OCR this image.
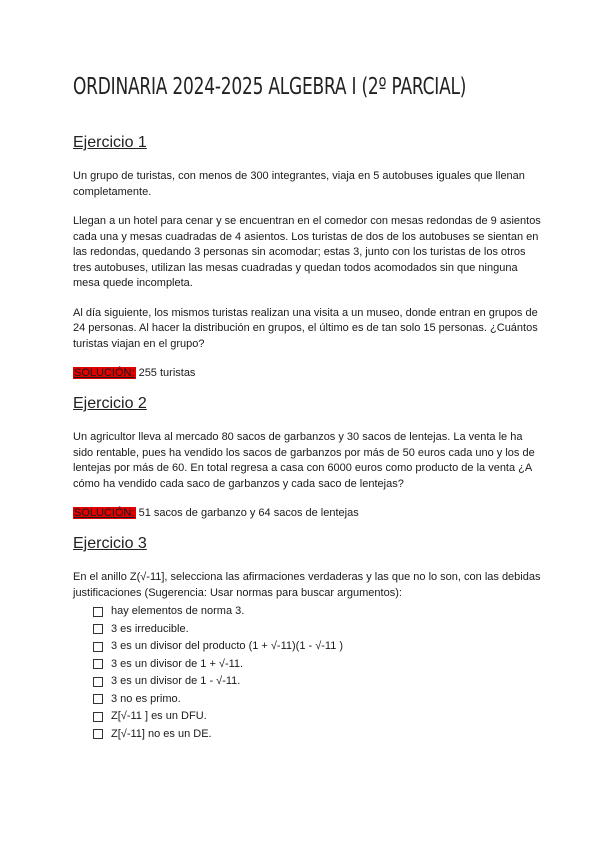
ORDINARIA 2024-2025 ALGEBRA I (2º PARCIAL)
Ejercicio 1

Un grupo de turistas, con menos de 300 integrantes, viaja en 5 autobuses iguales que llenan completamente.

Llegan a un hotel para cenar y se encuentran en el comedor con mesas redondas de 9 asientos cada una y mesas cuadradas de 4 asientos. Los turistas de dos de los autobuses se sientan en las redondas, quedando 3 personas sin acomodar; estas 3, junto con los turistas de los otros tres autobuses, utilizan las mesas cuadradas y quedan todos acomodados sin que ninguna mesa quede incompleta.

Al día siguiente, los mismos turistas realizan una visita a un museo, donde entran en grupos de 24 personas. Al hacer la distribución en grupos, el último es de tan solo 15 personas. ¿Cuántos turistas viajan en el grupo?

SOLUCIÓN: 255 turistas

Ejercicio 2

Un agricultor lleva al mercado 80 sacos de garbanzos y 30 sacos de lentejas. La venta le ha sido rentable, pues ha vendido los sacos de garbanzos por más de 50 euros cada uno y los de lentejas por más de 60. En total regresa a casa con 6000 euros como producto de la venta ¿A cómo ha vendido cada saco de garbanzos y cada saco de lentejas?

SOLUCIÓN: 51 sacos de garbanzo y 64 sacos de lentejas

Ejercicio 3

En el anillo Z(√-11], selecciona las afirmaciones verdaderas y las que no lo son, con las debidas justificaciones (Sugerencia: Usar normas para buscar argumentos):

hay elementos de norma 3.
3 es irreducible.
3 es un divisor del producto (1 + √-11)(1 - √-11 )
3 es un divisor de 1 + √-11.
3 es un divisor de 1 - √-11.
3 no es primo.
Z[√-11 ] es un DFU.
Z[√-11] no es un DE.
